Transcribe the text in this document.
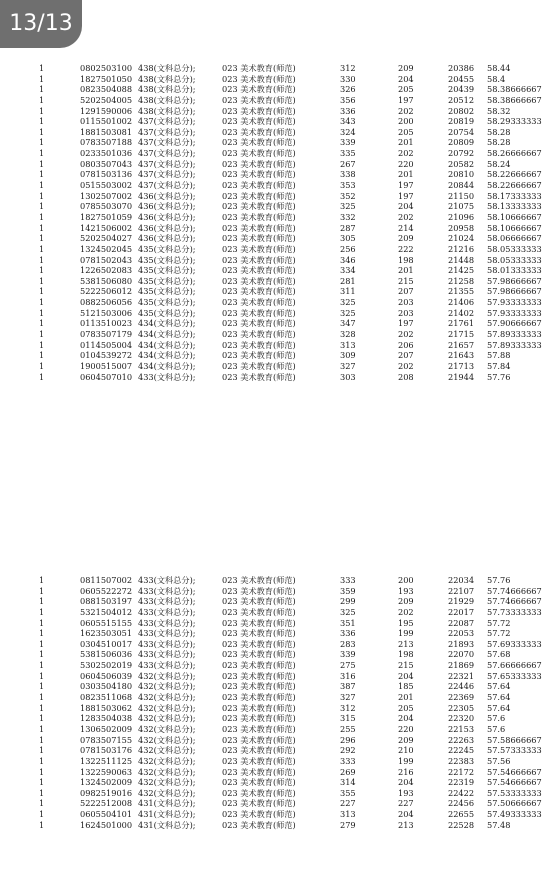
13/13
1	0802503100 438(文科总分);	023 美术教育(师范)	312	209	20386 58.44
1	1827501050 438(文科总分);	023 美术教育(师范)	330	204	20455 58.4
1	0823504088 438(文科总分);	023 美术教育(师范)	326	205	20439 58.38666667
1	5202504005 438(文科总分);	023 美术教育(师范)	356	197	20512 58.38666667
1	1291590006 438(文科总分);	023 美术教育(师范)	336	202	20802 58.32
1	0115501002 437(文科总分);	023 美术教育(师范)	343	200	20819 58.29333333
1	1881503081 437(文科总分);	023 美术教育(师范)	324	205	20754 58.28
1	0783507188 437(文科总分);	023 美术教育(师范)	339	201	20809 58.28
1	0233501036 437(文科总分);	023 美术教育(师范)	335	202	20792 58.26666667
1	0803507043 437(文科总分);	023 美术教育(师范)	267	220	20582 58.24
1	0781503136 437(文科总分);	023 美术教育(师范)	338	201	20810 58.22666667
1	0515503002 437(文科总分);	023 美术教育(师范)	353	197	20844 58.22666667
1	1302507002 436(文科总分);	023 美术教育(师范)	352	197	21150 58.17333333
1	0785503070 436(文科总分);	023 美术教育(师范)	325	204	21075 58.13333333
1	1827501059 436(文科总分);	023 美术教育(师范)	332	202	21096 58.10666667
1	1421506002 436(文科总分);	023 美术教育(师范)	287	214	20958 58.10666667
1	5202504027 436(文科总分);	023 美术教育(师范)	305	209	21024 58.06666667
1	1324502045 435(文科总分);	023 美术教育(师范)	256	222	21216 58.05333333
1	0781502043 435(文科总分);	023 美术教育(师范)	346	198	21448 58.05333333
1	1226502083 435(文科总分);	023 美术教育(师范)	334	201	21425 58.01333333
1	5381506080 435(文科总分);	023 美术教育(师范)	281	215	21258 57.98666667
1	5222506012 435(文科总分);	023 美术教育(师范)	311	207	21355 57.98666667
1	0882506056 435(文科总分);	023 美术教育(师范)	325	203	21406 57.93333333
1	5121503006 435(文科总分);	023 美术教育(师范)	325	203	21402 57.93333333
1	0113510023 434(文科总分);	023 美术教育(师范)	347	197	21761 57.90666667
1	0783507179 434(文科总分);	023 美术教育(师范)	328	202	21715 57.89333333
1	0114505004 434(文科总分);	023 美术教育(师范)	313	206	21657 57.89333333
1	0104539272 434(文科总分);	023 美术教育(师范)	309	207	21643 57.88
1	1900515007 434(文科总分);	023 美术教育(师范)	327	202	21713 57.84
1	0604507010 433(文科总分);	023 美术教育(师范)	303	208	21944 57.76
1	0811507002 433(文科总分);	023 美术教育(师范)	333	200	22034 57.76
1	0605522272 433(文科总分);	023 美术教育(师范)	359	193	22107 57.74666667
1	0881503197 433(文科总分);	023 美术教育(师范)	299	209	21929 57.74666667
1	5321504012 433(文科总分);	023 美术教育(师范)	325	202	22017 57.73333333
1	0605515155 433(文科总分);	023 美术教育(师范)	351	195	22087 57.72
1	1623503051 433(文科总分);	023 美术教育(师范)	336	199	22053 57.72
1	0304510017 433(文科总分);	023 美术教育(师范)	283	213	21893 57.69333333
1	5381506036 433(文科总分);	023 美术教育(师范)	339	198	22070 57.68
1	5302502019 433(文科总分);	023 美术教育(师范)	275	215	21869 57.66666667
1	0604506039 432(文科总分);	023 美术教育(师范)	316	204	22321 57.65333333
1	0303504180 432(文科总分);	023 美术教育(师范)	387	185	22446 57.64
1	0823511068 432(文科总分);	023 美术教育(师范)	327	201	22369 57.64
1	1881503062 432(文科总分);	023 美术教育(师范)	312	205	22305 57.64
1	1283504038 432(文科总分);	023 美术教育(师范)	315	204	22320 57.6
1	1306502009 432(文科总分);	023 美术教育(师范)	255	220	22153 57.6
1	0783507155 432(文科总分);	023 美术教育(师范)	296	209	22263 57.58666667
1	0781503176 432(文科总分);	023 美术教育(师范)	292	210	22245 57.57333333
1	1322511125 432(文科总分);	023 美术教育(师范)	333	199	22383 57.56
1	1322590063 432(文科总分);	023 美术教育(师范)	269	216	22172 57.54666667
1	1324502009 432(文科总分);	023 美术教育(师范)	314	204	22319 57.54666667
1	0982519016 432(文科总分);	023 美术教育(师范)	355	193	22422 57.53333333
1	5222512008 431(文科总分);	023 美术教育(师范)	227	227	22456 57.50666667
1	0605504101 431(文科总分);	023 美术教育(师范)	313	204	22655 57.49333333
1	1624501000 431(文科总分);	023 美术教育(师范)	279	213	22528 57.48
